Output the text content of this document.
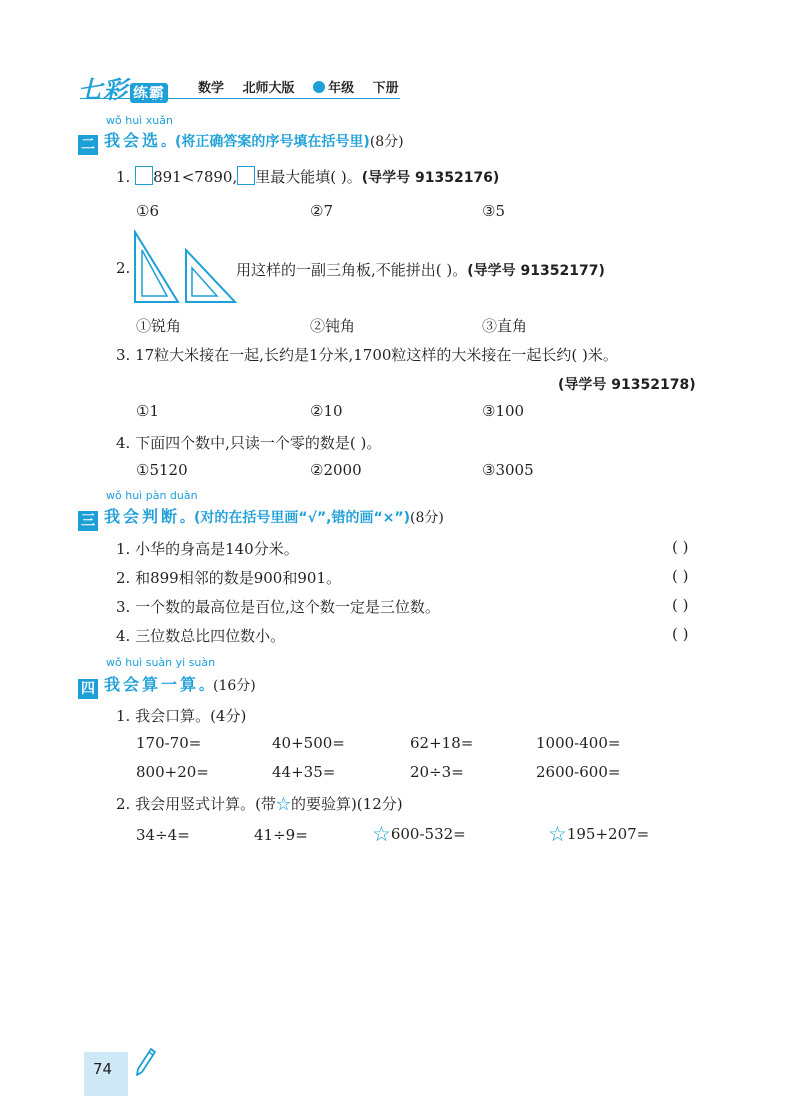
七彩 练霸	数学 北师大版	年级 下册
wǒ huì xuǎn
二 我会选。(将正确答案的序号填在括号里)(8分)
1. 891<7890, 里最大能填( )。(导学号 91352176)
①6	②7	③5
2.	用这样的一副三角板,不能拼出( )。(导学号 91352177)
①锐角	②钝角	③直角
3. 17粒大米接在一起,长约是1分米,1700粒这样的大米接在一起长约( )米。
(导学号 91352178)
①1	②10	③100
4. 下面四个数中,只读一个零的数是( )。
①5120	②2000	③3005
wǒ huì pàn duàn
三 我会判断。(对的在括号里画“√”,错的画“×”)(8分)
1. 小华的身高是140分米。	( )
2. 和899相邻的数是900和901。	( )
3. 一个数的最高位是百位,这个数一定是三位数。	( )
4. 三位数总比四位数小。	( )
wǒ huì suàn yi suàn
四 我会算一算。(16分)
1. 我会口算。(4分)
170-70=	40+500=	62+18=	1000-400=
800+20=	44+35=	20÷3=	2600-600=
2. 我会用竖式计算。(带☆的要验算)(12分)
34÷4=	41÷9=	☆600-532=	☆195+207=
74
